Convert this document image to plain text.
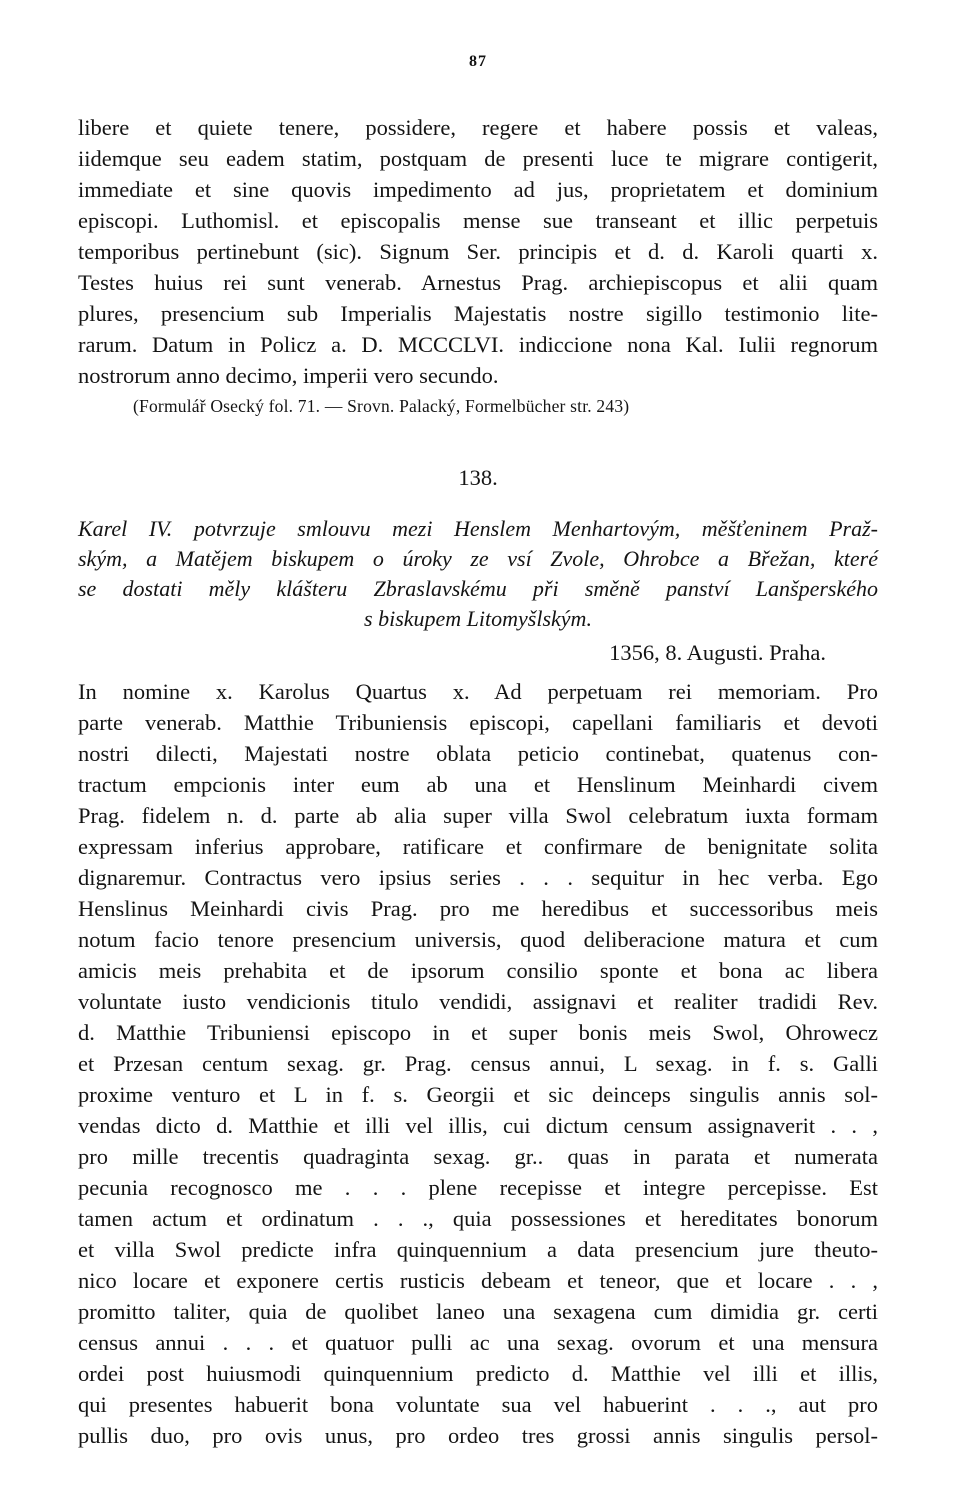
87
libere et quiete tenere, possidere, regere et habere possis et valeas,
iidemque seu eadem statim, postquam de presenti luce te migrare contigerit,
immediate et sine quovis impedimento ad jus, proprietatem et dominium
episcopi. Luthomisl. et episcopalis mense sue transeant et illic perpetuis
temporibus pertinebunt (sic). Signum Ser. principis et d. d. Karoli quarti x.
Testes huius rei sunt venerab. Arnestus Prag. archiepiscopus et alii quam
plures, presencium sub Imperialis Majestatis nostre sigillo testimonio lite-
rarum. Datum in Policz a. D. MCCCLVI. indiccione nona Kal. Iulii regnorum
nostrorum anno decimo, imperii vero secundo.
(Formulář Osecký fol. 71. — Srovn. Palacký, Formelbücher str. 243)
138.
Karel IV. potvrzuje smlouvu mezi Henslem Menhartovým, měšťeninem Praž-
ským, a Matějem biskupem o úroky ze vsí Zvole, Ohrobce a Břežan, které
se dostati měly klášteru Zbraslavskému při směně panství Lanšperského
s biskupem Litomyšlským.
1356, 8. Augusti. Praha.
In nomine x. Karolus Quartus x. Ad perpetuam rei memoriam. Pro
parte venerab. Matthie Tribuniensis episcopi, capellani familiaris et devoti
nostri dilecti, Majestati nostre oblata peticio continebat, quatenus con-
tractum empcionis inter eum ab una et Henslinum Meinhardi civem
Prag. fidelem n. d. parte ab alia super villa Swol celebratum iuxta formam
expressam inferius approbare, ratificare et confirmare de benignitate solita
dignaremur. Contractus vero ipsius series . . . sequitur in hec verba. Ego
Henslinus Meinhardi civis Prag. pro me heredibus et successoribus meis
notum facio tenore presencium universis, quod deliberacione matura et cum
amicis meis prehabita et de ipsorum consilio sponte et bona ac libera
voluntate iusto vendicionis titulo vendidi, assignavi et realiter tradidi Rev.
d. Matthie Tribuniensi episcopo in et super bonis meis Swol, Ohrowecz
et Przesan centum sexag. gr. Prag. census annui, L sexag. in f. s. Galli
proxime venturo et L in f. s. Georgii et sic deinceps singulis annis sol-
vendas dicto d. Matthie et illi vel illis, cui dictum censum assignaverit . . ,
pro mille trecentis quadraginta sexag. gr.. quas in parata et numerata
pecunia recognosco me . . . plene recepisse et integre percepisse. Est
tamen actum et ordinatum . . ., quia possessiones et hereditates bonorum
et villa Swol predicte infra quinquennium a data presencium jure theuto-
nico locare et exponere certis rusticis debeam et teneor, que et locare . . ,
promitto taliter, quia de quolibet laneo una sexagena cum dimidia gr. certi
census annui . . . et quatuor pulli ac una sexag. ovorum et una mensura
ordei post huiusmodi quinquennium predicto d. Matthie vel illi et illis,
qui presentes habuerit bona voluntate sua vel habuerint . . ., aut pro
pullis duo, pro ovis unus, pro ordeo tres grossi annis singulis persol-
